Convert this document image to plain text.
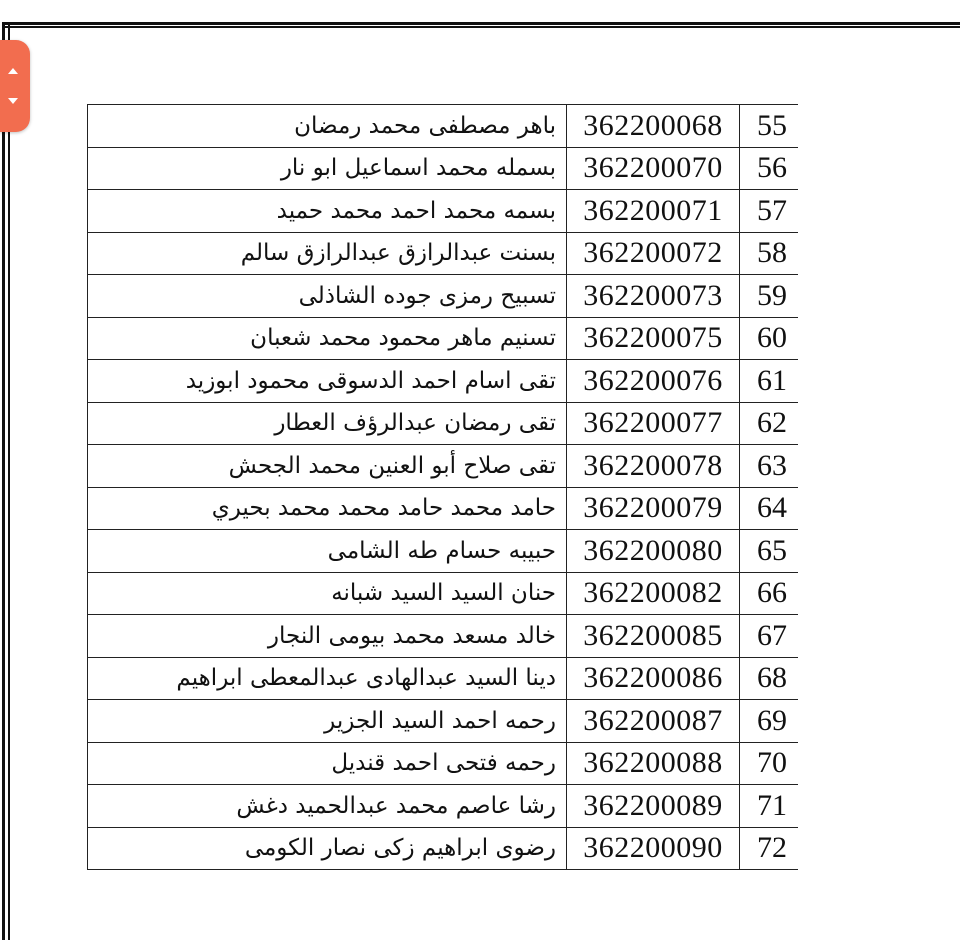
باهر مصطفى محمد رمضان	362200068	55
بسمله محمد اسماعيل ابو نار	362200070	56
بسمه محمد احمد محمد حميد	362200071	57
بسنت عبدالرازق عبدالرازق سالم	362200072	58
تسبيح رمزى جوده الشاذلى	362200073	59
تسنيم ماهر محمود محمد شعبان	362200075	60
تقى اسام احمد الدسوقى محمود ابوزيد	362200076	61
تقى رمضان عبدالرؤف العطار	362200077	62
تقى صلاح أبو العنين محمد الجحش	362200078	63
حامد محمد حامد محمد محمد بحيري	362200079	64
حبيبه حسام طه الشامى	362200080	65
حنان السيد السيد شبانه	362200082	66
خالد مسعد محمد بيومى النجار	362200085	67
دينا السيد عبدالهادى عبدالمعطى ابراهيم	362200086	68
رحمه احمد السيد الجزير	362200087	69
رحمه فتحى احمد قنديل	362200088	70
رشا عاصم محمد عبدالحميد دغش	362200089	71
رضوى ابراهيم زكى نصار الكومى	362200090	72
